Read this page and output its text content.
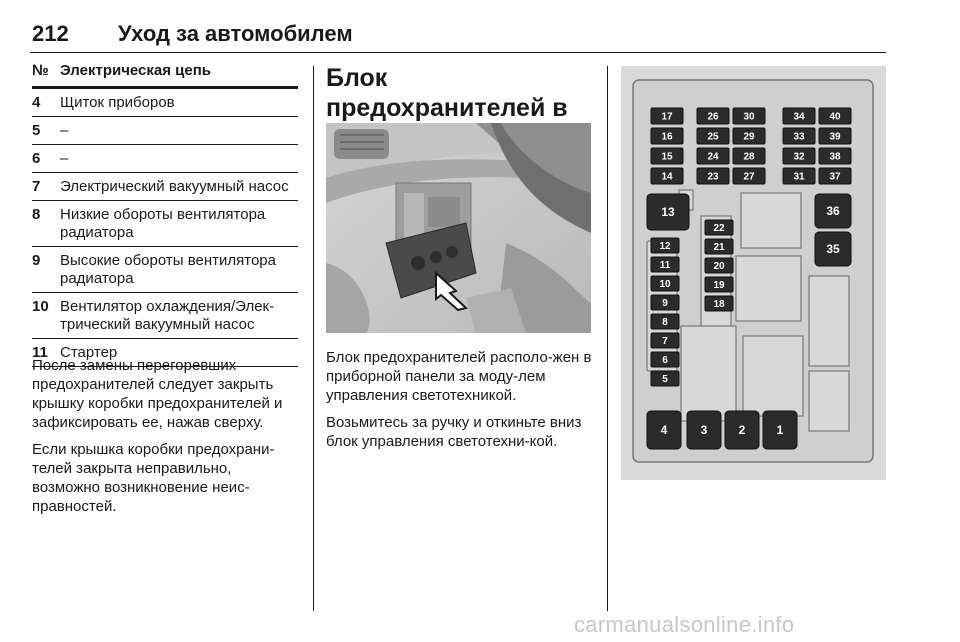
212 Уход за автомобилем
№ Электрическая цепь
4	Щиток приборов
5	–
6	–
7	Электрический вакуумный насос
8	Низкие обороты вентилятора радиатора
9	Высокие обороты вентилятора радиатора
10 Вентилятор охлаждения/Элек-трический вакуумный насос
11 Стартер

После замены перегоревших предохранителей следует закрыть крышку коробки предохранителей и зафиксировать ее, нажав сверху.

Если крышка коробки предохрани-телей закрыта неправильно, возможно возникновение неис-правностей.

Блок предохранителей в

Блок предохранителей располо-жен в приборной панели за моду-лем управления светотехникой.

Возьмитесь за ручку и откиньте вниз блок управления светотехни-кой.

17	26 30	34 40
16	25 29	33 39
15	24 28	32 38
14	23 27	31 37
13	36
35
12
11
10
9
8
7
6
5
22
21
20
19
18
4	3	2	1
carmanualsonline.info
